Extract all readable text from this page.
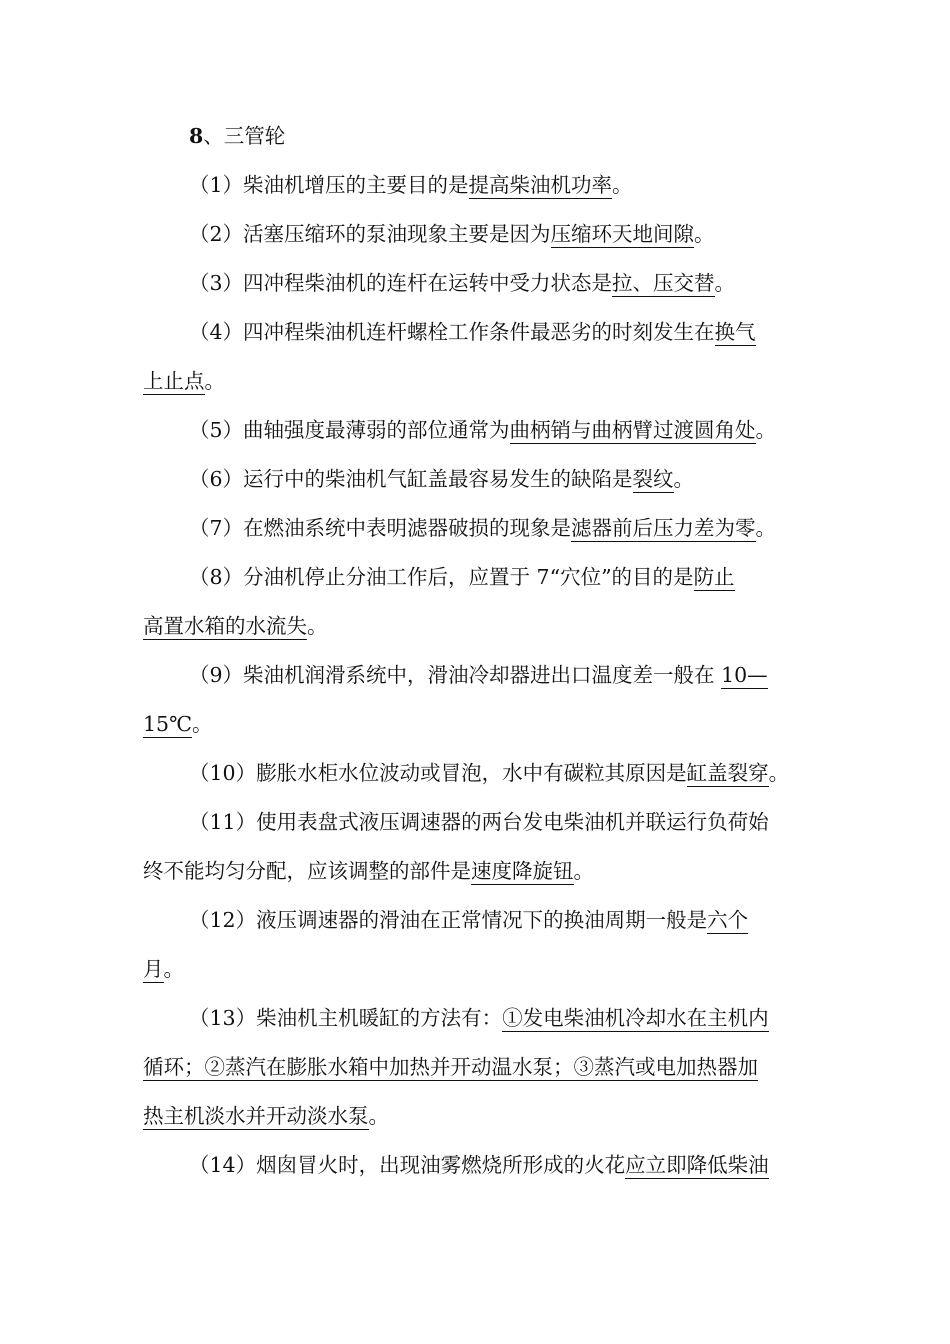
8、三管轮
（1）柴油机增压的主要目的是提高柴油机功率。
（2）活塞压缩环的泵油现象主要是因为压缩环天地间隙。
（3）四冲程柴油机的连杆在运转中受力状态是拉、压交替。
（4）四冲程柴油机连杆螺栓工作条件最恶劣的时刻发生在换气
上止点。
（5）曲轴强度最薄弱的部位通常为曲柄销与曲柄臂过渡圆角处。
（6）运行中的柴油机气缸盖最容易发生的缺陷是裂纹。
（7）在燃油系统中表明滤器破损的现象是滤器前后压力差为零。
（8）分油机停止分油工作后，应置于 7“穴位”的目的是防止
高置水箱的水流失。
（9）柴油机润滑系统中，滑油冷却器进出口温度差一般在 10—
15℃。
（10）膨胀水柜水位波动或冒泡，水中有碳粒其原因是缸盖裂穿。
（11）使用表盘式液压调速器的两台发电柴油机并联运行负荷始
终不能均匀分配，应该调整的部件是速度降旋钮。
（12）液压调速器的滑油在正常情况下的换油周期一般是六个
月。
（13）柴油机主机暖缸的方法有：①发电柴油机冷却水在主机内
循环；②蒸汽在膨胀水箱中加热并开动温水泵；③蒸汽或电加热器加
热主机淡水并开动淡水泵。
（14）烟囱冒火时，出现油雾燃烧所形成的火花应立即降低柴油
